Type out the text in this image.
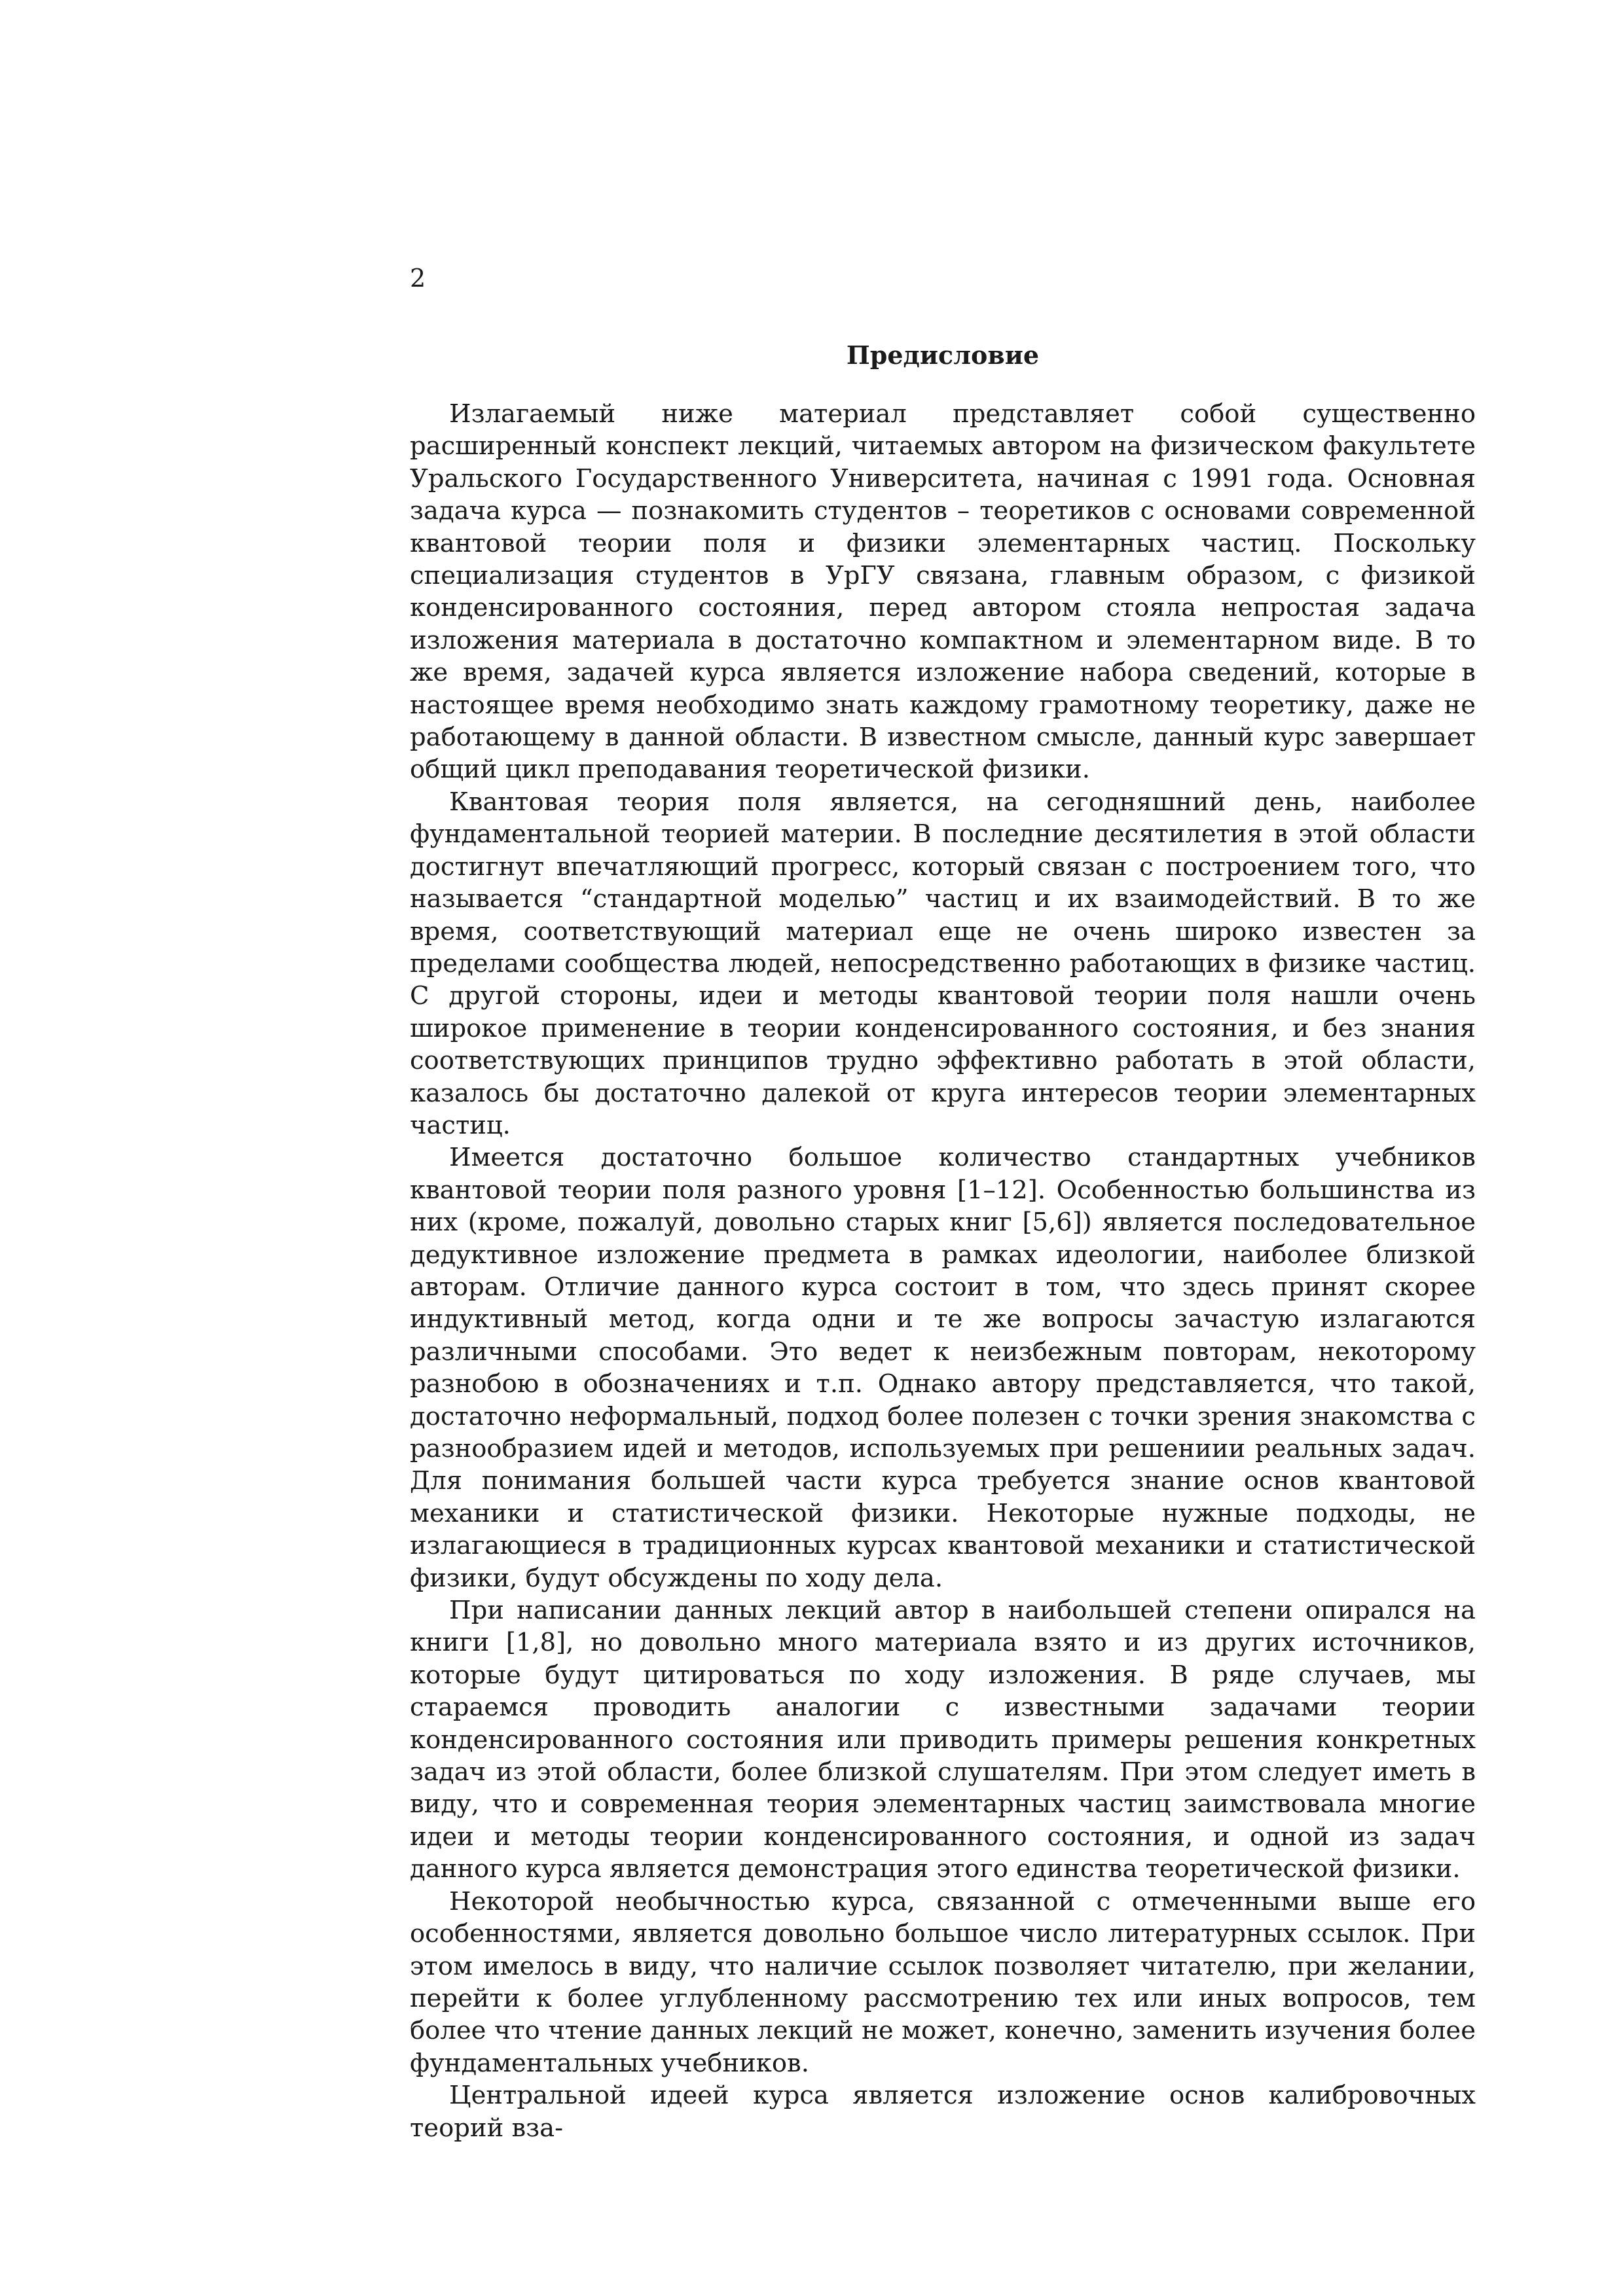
2
Предисловие

Излагаемый ниже материал представляет собой существенно расширенный конспект лекций, читаемых автором на физическом факультете Уральского Государственного Университета, начиная с 1991 года. Основная задача курса — познакомить студентов – теоретиков с основами современной квантовой теории поля и физики элементарных частиц. Поскольку специализация студентов в УрГУ связана, главным образом, с физикой конденсированного состояния, перед автором стояла непростая задача изложения материала в достаточно компактном и элементарном виде. В то же время, задачей курса является изложение набора сведений, которые в настоящее время необходимо знать каждому грамотному теоретику, даже не работающему в данной области. В известном смысле, данный курс завершает общий цикл преподавания теоретической физики.

Квантовая теория поля является, на сегодняшний день, наиболее фундаментальной теорией материи. В последние десятилетия в этой области достигнут впечатляющий прогресс, который связан с построением того, что называется “стандартной моделью” частиц и их взаимодействий. В то же время, соответствующий материал еще не очень широко известен за пределами сообщества людей, непосредственно работающих в физике частиц. С другой стороны, идеи и методы квантовой теории поля нашли очень широкое применение в теории конденсированного состояния, и без знания соответствующих принципов трудно эффективно работать в этой области, казалось бы достаточно далекой от круга интересов теории элементарных частиц.

Имеется достаточно большое количество стандартных учебников квантовой теории поля разного уровня [1–12]. Особенностью большинства из них (кроме, пожалуй, довольно старых книг [5,6]) является последовательное дедуктивное изложение предмета в рамках идеологии, наиболее близкой авторам. Отличие данного курса состоит в том, что здесь принят скорее индуктивный метод, когда одни и те же вопросы зачастую излагаются различными способами. Это ведет к неизбежным повторам, некоторому разнобою в обозначениях и т.п. Однако автору представляется, что такой, достаточно неформальный, подход более полезен с точки зрения знакомства с разнообразием идей и методов, используемых при решениии реальных задач. Для понимания большей части курса требуется знание основ квантовой механики и статистической физики. Некоторые нужные подходы, не излагающиеся в традиционных курсах квантовой механики и статистической физики, будут обсуждены по ходу дела.

При написании данных лекций автор в наибольшей степени опирался на книги [1,8], но довольно много материала взято и из других источников, которые будут цитироваться по ходу изложения. В ряде случаев, мы стараемся проводить аналогии с известными задачами теории конденсированного состояния или приводить примеры решения конкретных задач из этой области, более близкой слушателям. При этом следует иметь в виду, что и современная теория элементарных частиц заимствовала многие идеи и методы теории конденсированного состояния, и одной из задач данного курса является демонстрация этого единства теоретической физики.

Некоторой необычностью курса, связанной с отмеченными выше его особенностями, является довольно большое число литературных ссылок. При этом имелось в виду, что наличие ссылок позволяет читателю, при желании, перейти к более углубленному рассмотрению тех или иных вопросов, тем более что чтение данных лекций не может, конечно, заменить изучения более фундаментальных учебников.

Центральной идеей курса является изложение основ калибровочных теорий вза-
